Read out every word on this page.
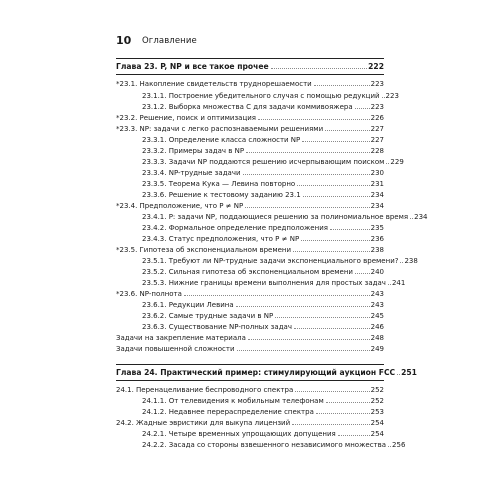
10 Оглавление
Глава 23. P, NP и все такое прочее	222
*23.1. Накопление свидетельств трудноpешаемости	223
23.1.1. Построение убедительного случая с помощью редукций 223
23.1.2. Выборка множества C для задачи коммивояжера	223
*23.2. Решение, поиск и оптимизация	226
*23.3. NP: задачи с легко распознаваемыми решениями	227
23.3.1. Определение класса сложности NP	227
23.3.2. Примеры задач в NP	228
23.3.3. Задачи NP поддаются решению исчерпывающим поиском 229
23.3.4. NP-трудные задачи	230
23.3.5. Теорема Кука — Левина повторно	231
23.3.6. Решение к тестовому заданию 23.1	234
*23.4. Предположение, что P ≠ NP	234
23.4.1. P: задачи NP, поддающиеся решению за полиномиальное время 234
23.4.2. Формальное определение предположения	235
23.4.3. Статус предположения, что P ≠ NP	236
*23.5. Гипотеза об экспоненциальном времени	238
23.5.1. Требуют ли NP-трудные задачи экспоненциального времени? 238
23.5.2. Сильная гипотеза об экспоненциальном времени	240
23.5.3. Нижние границы времени выполнения для простых задач 241
*23.6. NP-полнота	243
23.6.1. Редукции Левина	243
23.6.2. Самые трудные задачи в NP	245
23.6.3. Существование NP-полных задач	246
Задачи на закрепление материала	248
Задачи повышенной сложности	249
Глава 24. Практический пример: стимулирующий аукцион FCC 251
24.1. Перенацеливание беспроводного спектра	252
24.1.1. От телевидения к мобильным телефонам	252
24.1.2. Недавнее перераспределение спектра	253
24.2. Жадные эвристики для выкупа лицензий	254
24.2.1. Четыре временных упрощающих допущения	254
24.2.2. Засада со стороны взвешенного независимого множества 256
